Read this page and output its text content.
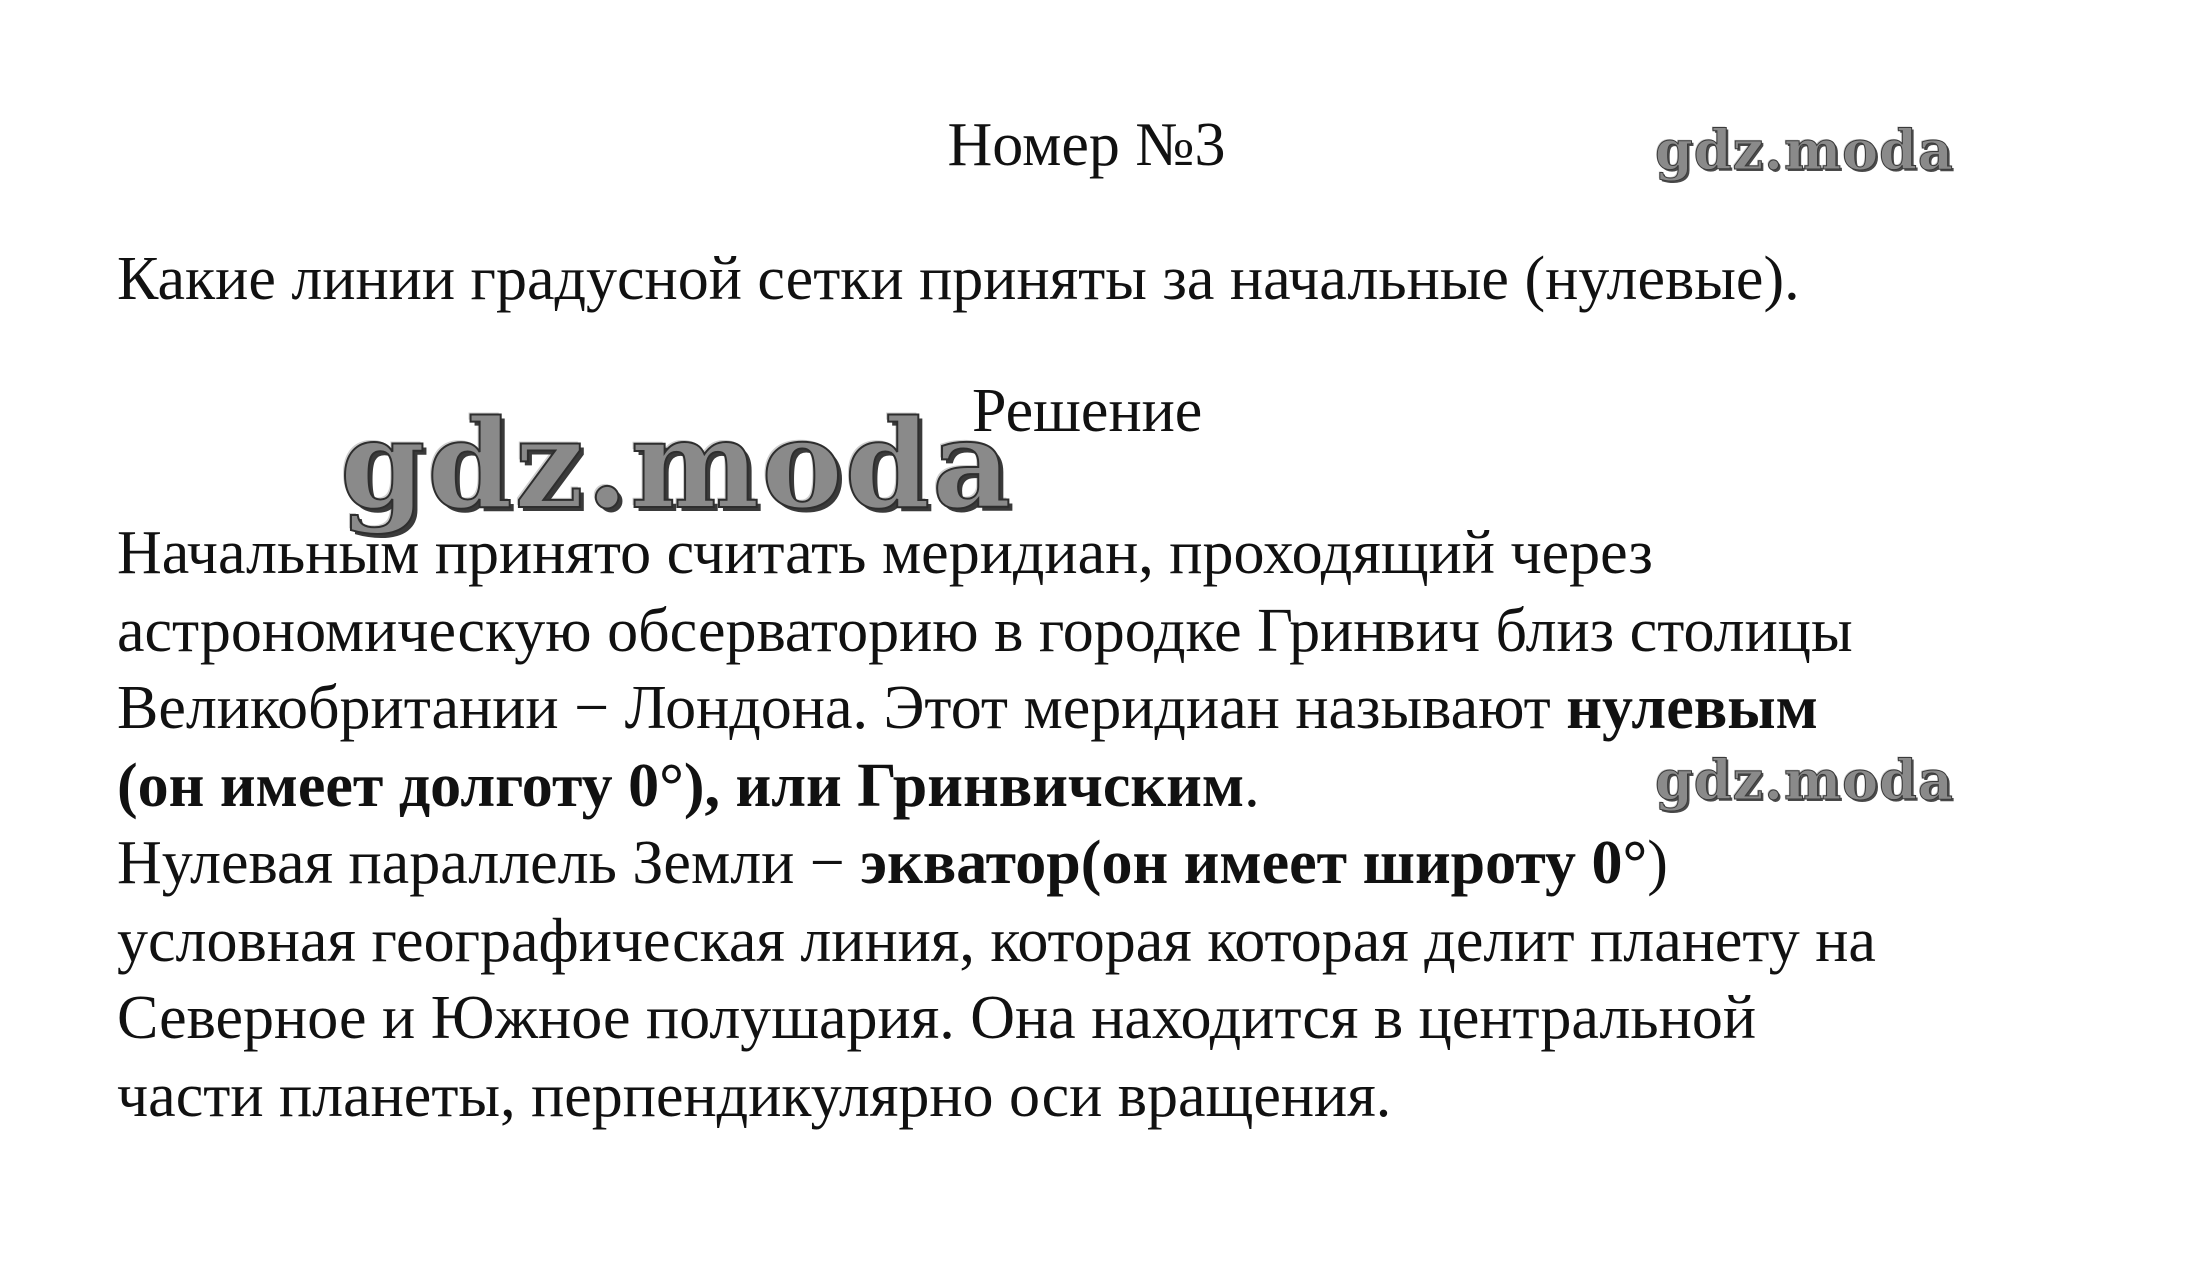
Номер №3	gdz.moda
Какие линии градусной сетки приняты за начальные (нулевые).
gdz.moda
Решение
gdz.moda
Начальным принято считать меридиан, проходящий через
астрономическую обсерваторию в городке Гринвич близ столицы
Великобритании − Лондона. Этот меридиан называют нулевым
(он имеет долготу 0°), или Гринвичским.
Нулевая параллель Земли − экватор(он имеет широту 0°)
условная географическая линия, которая которая делит планету на
Северное и Южное полушария. Она находится в центральной
части планеты, перпендикулярно оси вращения.
